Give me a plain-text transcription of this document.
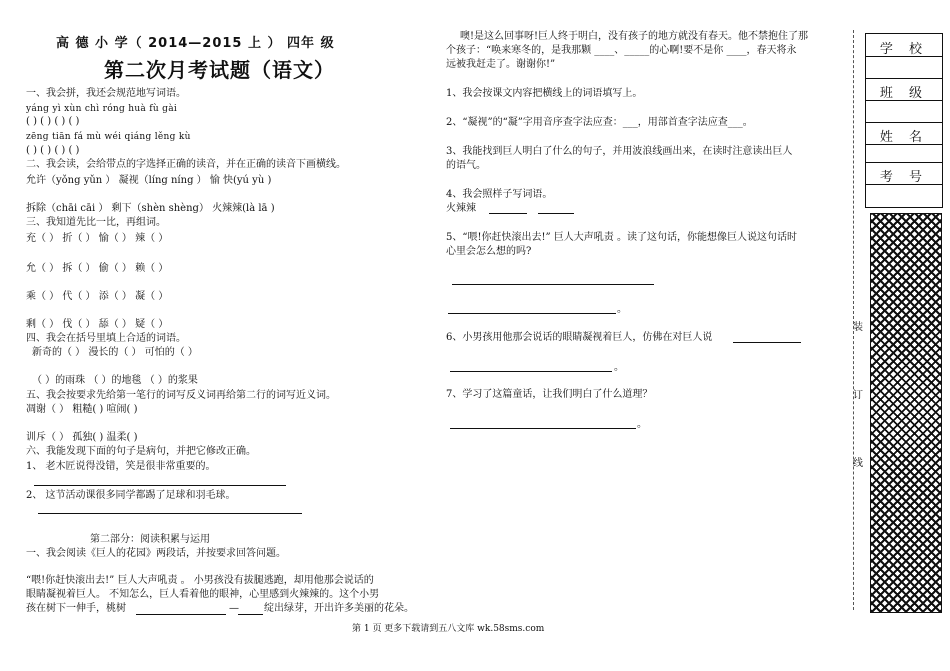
高 德 小 学（ 2014—2015 上 ） 四年 级
第二次月考试题（语文）
一、我会拼，我还会规范地写词语。
yáng yì xùn chì róng huà fù gài
( ) ( ) ( ) ( )
zēng tiān fá mù wéi qiáng lěng kù
( ) ( ) ( ) ( )
二、我会读，会给带点的字选择正确的读音，并在正确的读音下画横线。
允许（yǒng yǔn ） 凝视（líng níng ） 愉 快(yú yù )
拆除（chāi cāi ） 剩下（shèn shèng） 火辣辣(là lā )
三、我知道先比一比，再组词。
充（ ） 折（ ） 愉（ ） 辣（ ）
允（ ） 拆（ ） 偷（ ） 赖（ ）
乘（ ） 代（ ） 添（ ） 凝（ ）
剩（ ） 伐（ ） 舔（ ） 疑（ ）
四、我会在括号里填上合适的词语。
新奇的（ ） 漫长的（ ） 可怕的（ ）
（ ）的雨珠 （ ）的地毯 （ ）的浆果
五、我会按要求先给第一笔行的词写反义词再给第二行的词写近义词。
凋谢（ ） 粗糙( ) 喧闹( )
训斥（ ） 孤独( ) 温柔( )
六、我能发现下面的句子是病句，并把它修改正确。
1、 老木匠说得没错，笑是很非常重要的。
2、 这节活动课很多同学都踢了足球和羽毛球。
第二部分：阅读积累与运用
一、我会阅读《巨人的花园》两段话，并按要求回答问题。
“喂!你赶快滚出去!” 巨人大声吼责 。 小男孩没有拔腿逃跑，却用他那会说话的
眼睛凝视着巨人。 不知怎么，巨人看着他的眼神，心里感到火辣辣的。这个小男
孩在树下一伸手，桃树	—	绽出绿芽，开出许多美丽的花朵。
噢!是这么回事呀!巨人终于明白，没有孩子的地方就没有春天。他不禁抱住了那
个孩子：“唤来寒冬的，是我那颗 ____、_____的心啊!要不是你 ____，春天将永
远被我赶走了。谢谢你!”
1、我会按课文内容把横线上的词语填写上。
2、“凝视”的“凝”字用音序查字法应查：___，用部首查字法应查___。
3、我能找到巨人明白了什么的句子，并用波浪线画出来，在读时注意读出巨人
的语气。
4、我会照样子写词语。
火辣辣
5、“喂!你赶快滚出去!” 巨人大声吼责 。读了这句话，你能想像巨人说这句话时
心里会怎么想的吗?
。
6、小男孩用他那会说话的眼睛凝视着巨人，仿佛在对巨人说
。
7、学习了这篇童话，让我们明白了什么道理？
。
学 校
班 级
姓 名
考 号
装
订
线
第 1 页 更多下载请到五八文库 wk.58sms.com
